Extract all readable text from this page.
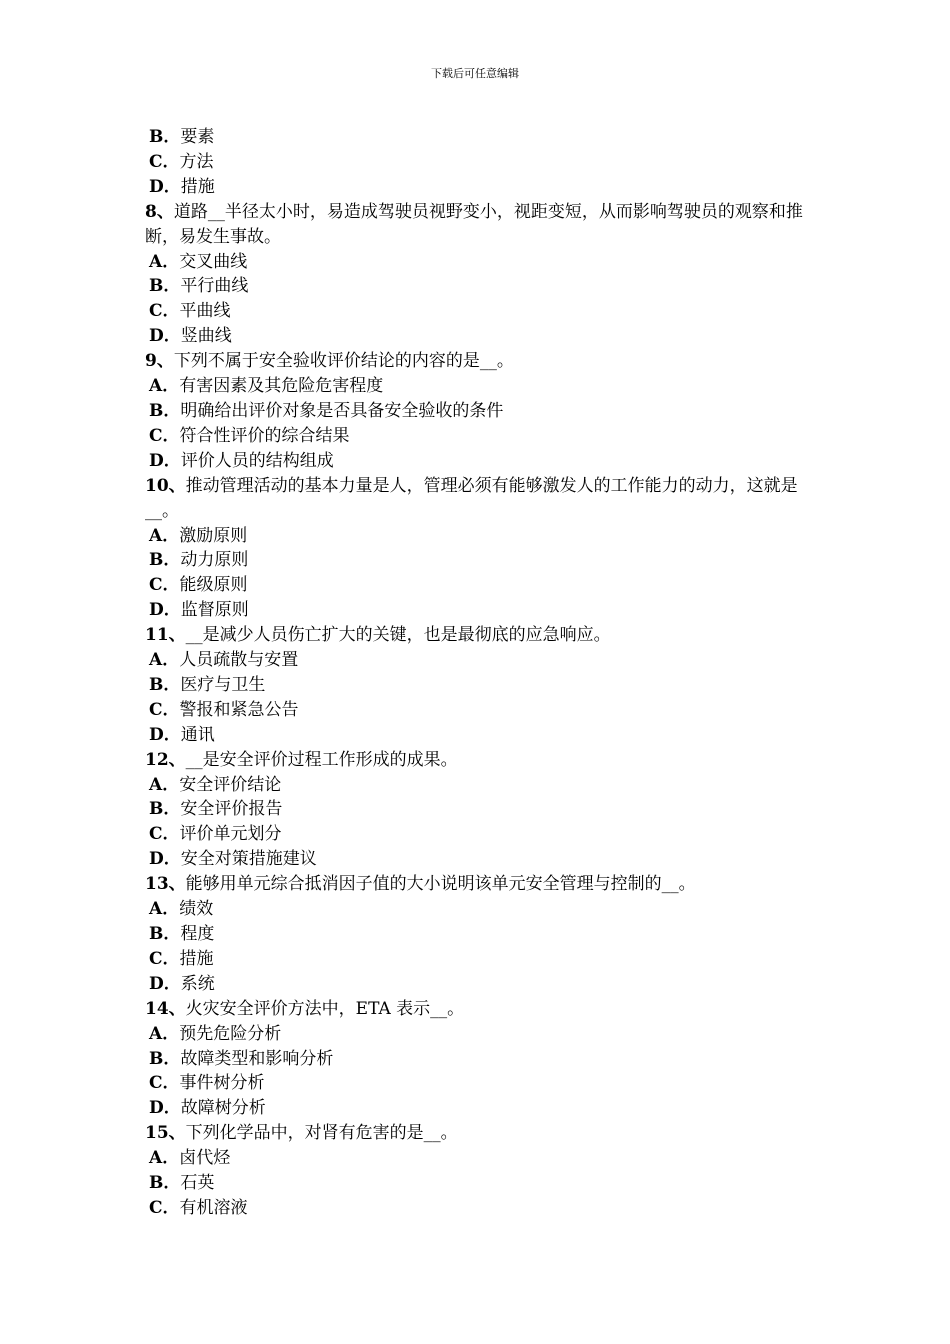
下载后可任意编辑
B．要素
C．方法
D．措施
8、道路__半径太小时，易造成驾驶员视野变小，视距变短，从而影响驾驶员的观察和推断，易发生事故。
A．交叉曲线
B．平行曲线
C．平曲线
D．竖曲线
9、下列不属于安全验收评价结论的内容的是__。
A．有害因素及其危险危害程度
B．明确给出评价对象是否具备安全验收的条件
C．符合性评价的综合结果
D．评价人员的结构组成
10、推动管理活动的基本力量是人，管理必须有能够激发人的工作能力的动力，这就是__。
A．激励原则
B．动力原则
C．能级原则
D．监督原则
11、__是减少人员伤亡扩大的关键，也是最彻底的应急响应。
A．人员疏散与安置
B．医疗与卫生
C．警报和紧急公告
D．通讯
12、__是安全评价过程工作形成的成果。
A．安全评价结论
B．安全评价报告
C．评价单元划分
D．安全对策措施建议
13、能够用单元综合抵消因子值的大小说明该单元安全管理与控制的__。
A．绩效
B．程度
C．措施
D．系统
14、火灾安全评价方法中，ETA 表示__。
A．预先危险分析
B．故障类型和影响分析
C．事件树分析
D．故障树分析
15、下列化学品中，对肾有危害的是__。
A．卤代烃
B．石英
C．有机溶液
